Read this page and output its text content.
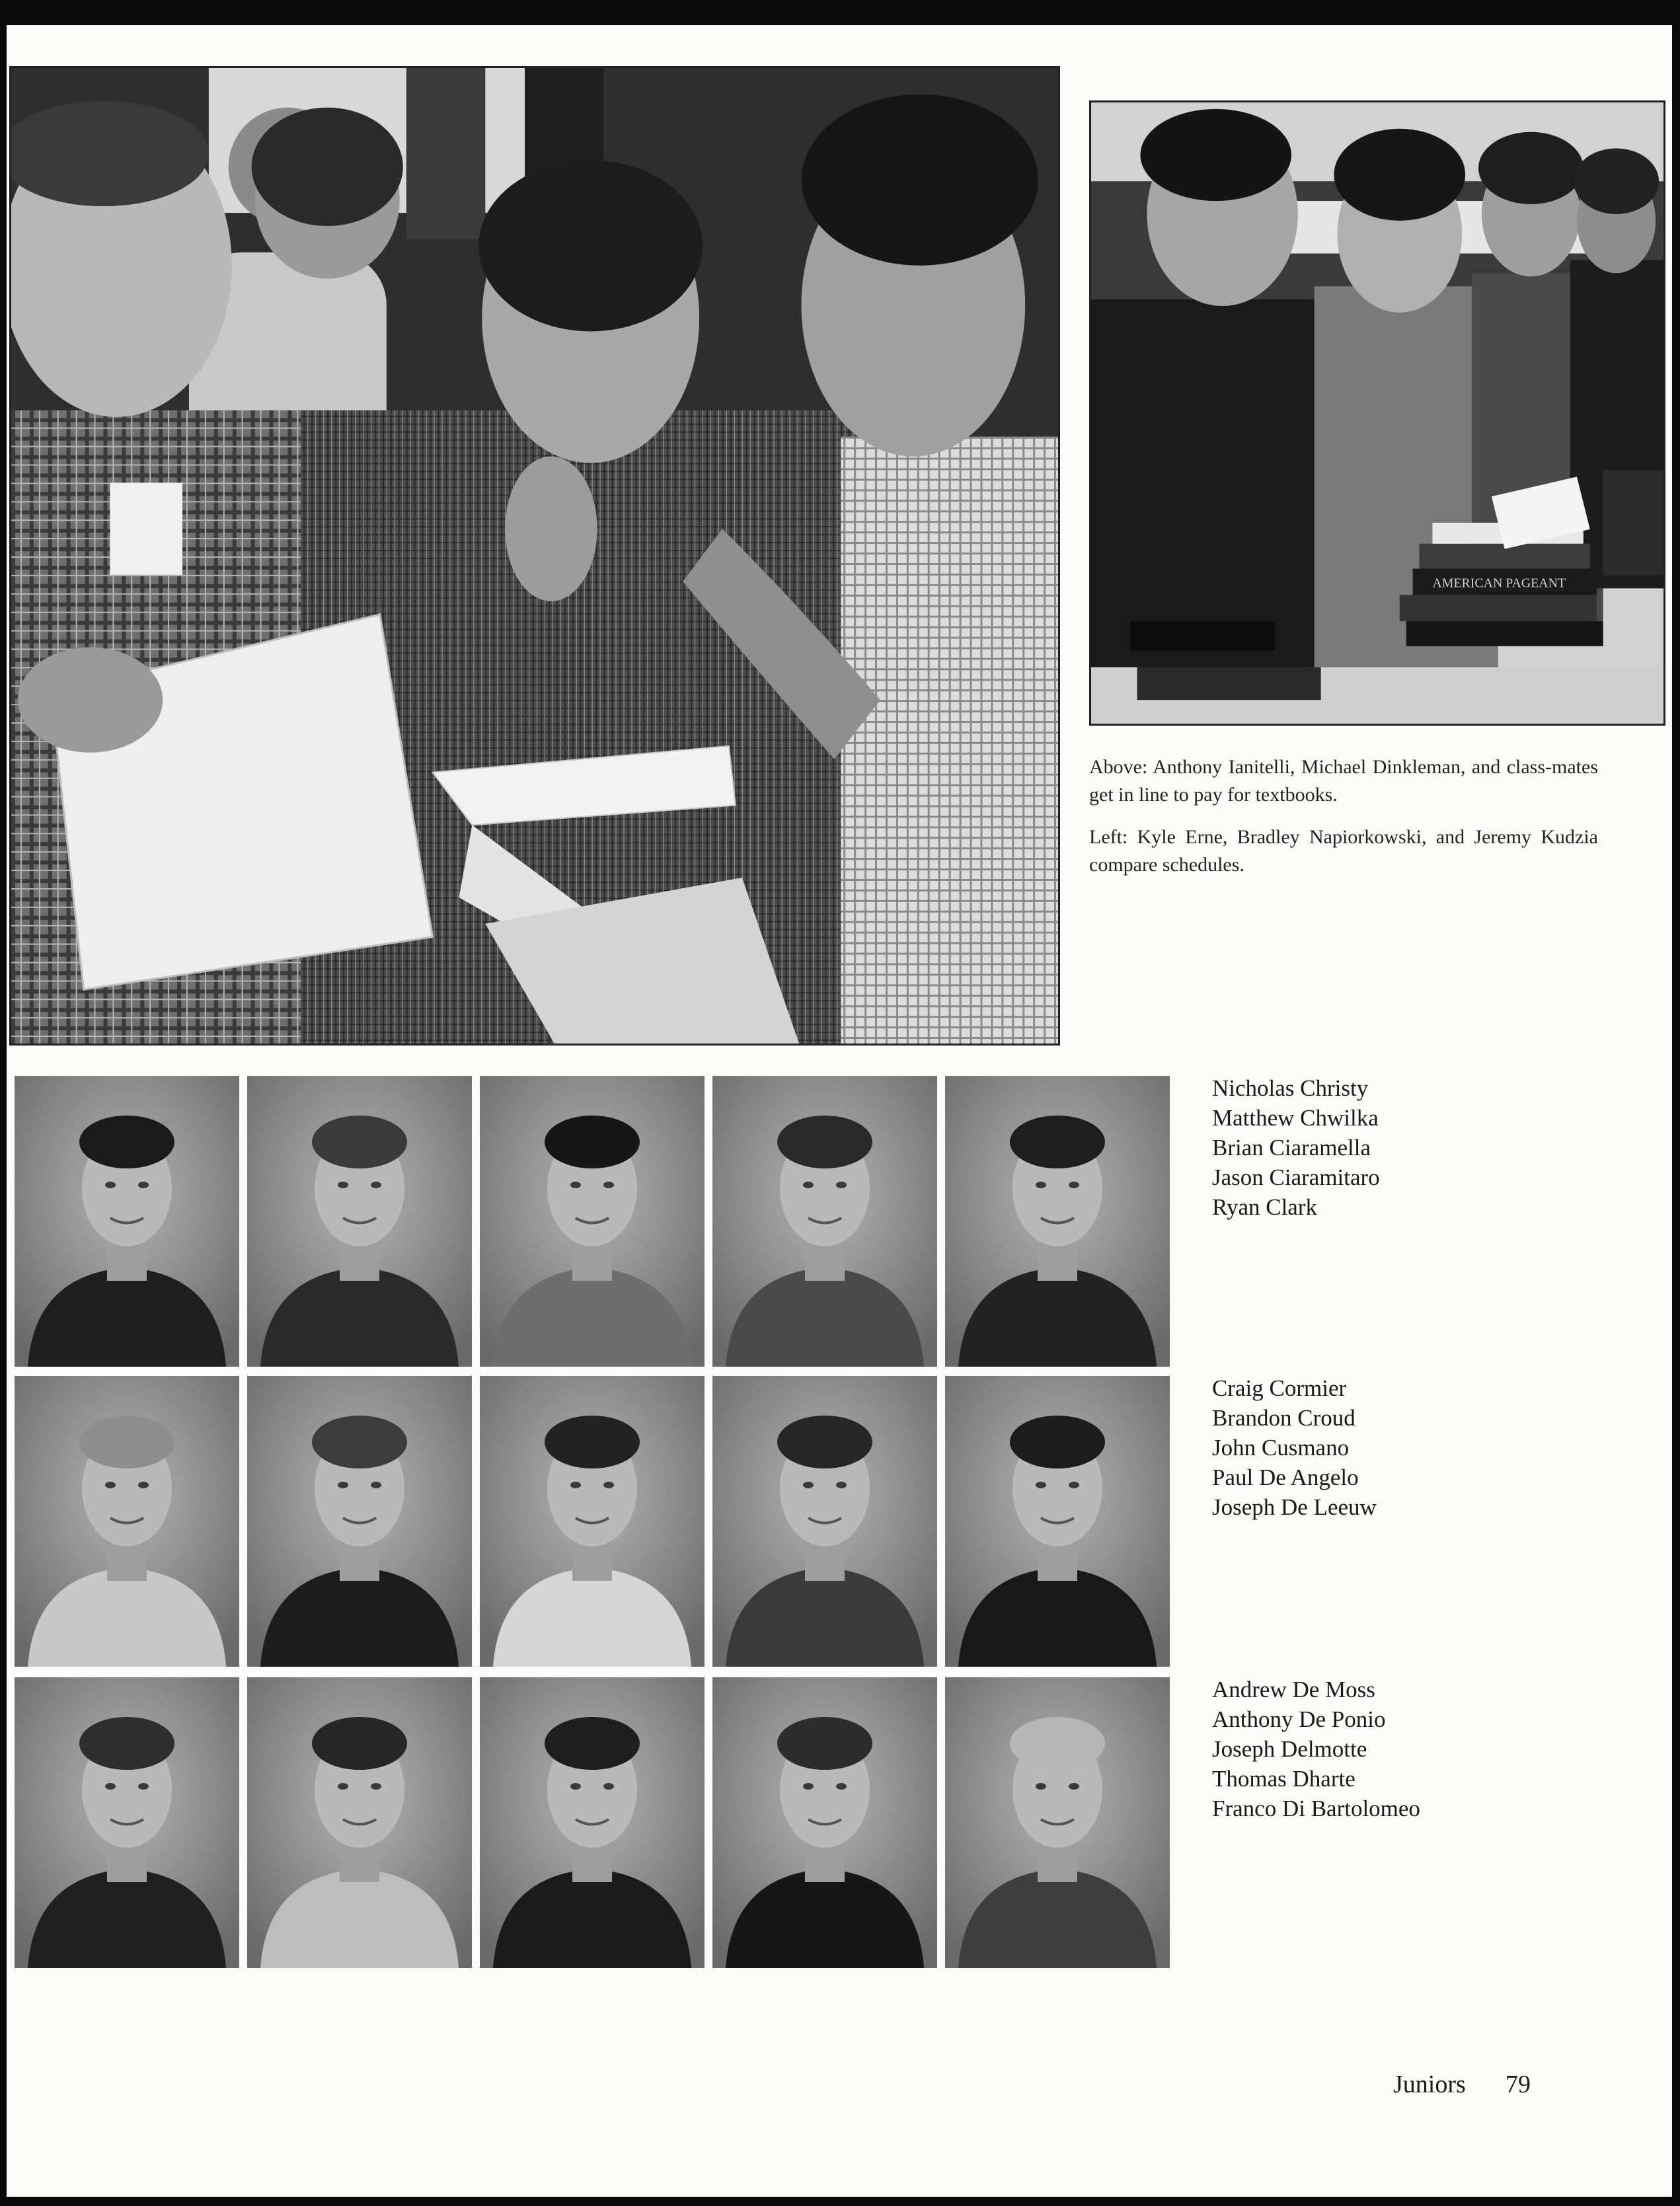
AMERICAN PAGEANT
Above: Anthony Ianitelli, Michael Dinkleman, and class-mates get in line to pay for textbooks.
Left: Kyle Erne, Bradley Napiorkowski, and Jeremy Kudzia compare schedules.
Nicholas Christy
Matthew Chwilka
Brian Ciaramella
Jason Ciaramitaro
Ryan Clark
Craig Cormier
Brandon Croud
John Cusmano
Paul De Angelo
Joseph De Leeuw
Andrew De Moss
Anthony De Ponio
Joseph Delmotte
Thomas Dharte
Franco Di Bartolomeo
Juniors 79
